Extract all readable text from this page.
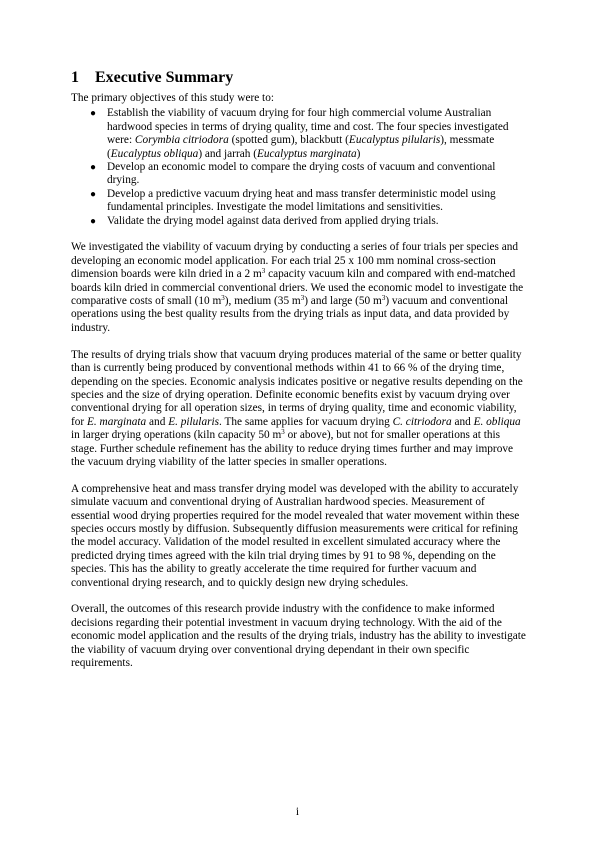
1 Executive Summary

The primary objectives of this study were to:

● Establish the viability of vacuum drying for four high commercial volume Australian hardwood species in terms of drying quality, time and cost. The four species investigated were: Corymbia citriodora (spotted gum), blackbutt (Eucalyptus pilularis), messmate (Eucalyptus obliqua) and jarrah (Eucalyptus marginata)
● Develop an economic model to compare the drying costs of vacuum and conventional drying.
● Develop a predictive vacuum drying heat and mass transfer deterministic model using fundamental principles. Investigate the model limitations and sensitivities.
● Validate the drying model against data derived from applied drying trials.

We investigated the viability of vacuum drying by conducting a series of four trials per species and developing an economic model application. For each trial 25 x 100 mm nominal cross-section dimension boards were kiln dried in a 2 $m^3$ capacity vacuum kiln and compared with end-matched boards kiln dried in commercial conventional driers. We used the economic model to investigate the comparative costs of small (10 $m^3$), medium (35 $m^3$) and large (50 $m^3$) vacuum and conventional operations using the best quality results from the drying trials as input data, and data provided by industry.

The results of drying trials show that vacuum drying produces material of the same or better quality than is currently being produced by conventional methods within 41 to 66 % of the drying time, depending on the species. Economic analysis indicates positive or negative results depending on the species and the size of drying operation. Definite economic benefits exist by vacuum drying over conventional drying for all operation sizes, in terms of drying quality, time and economic viability, for E. marginata and E. pilularis. The same applies for vacuum drying C. citriodora and E. obliqua in larger drying operations (kiln capacity 50 $m^3$ or above), but not for smaller operations at this stage. Further schedule refinement has the ability to reduce drying times further and may improve the vacuum drying viability of the latter species in smaller operations.

A comprehensive heat and mass transfer drying model was developed with the ability to accurately simulate vacuum and conventional drying of Australian hardwood species. Measurement of essential wood drying properties required for the model revealed that water movement within these species occurs mostly by diffusion. Subsequently diffusion measurements were critical for refining the model accuracy. Validation of the model resulted in excellent simulated accuracy where the predicted drying times agreed with the kiln trial drying times by 91 to 98 %, depending on the species. This has the ability to greatly accelerate the time required for further vacuum and conventional drying research, and to quickly design new drying schedules.

Overall, the outcomes of this research provide industry with the confidence to make informed decisions regarding their potential investment in vacuum drying technology. With the aid of the economic model application and the results of the drying trials, industry has the ability to investigate the viability of vacuum drying over conventional drying dependant in their own specific requirements.

i
